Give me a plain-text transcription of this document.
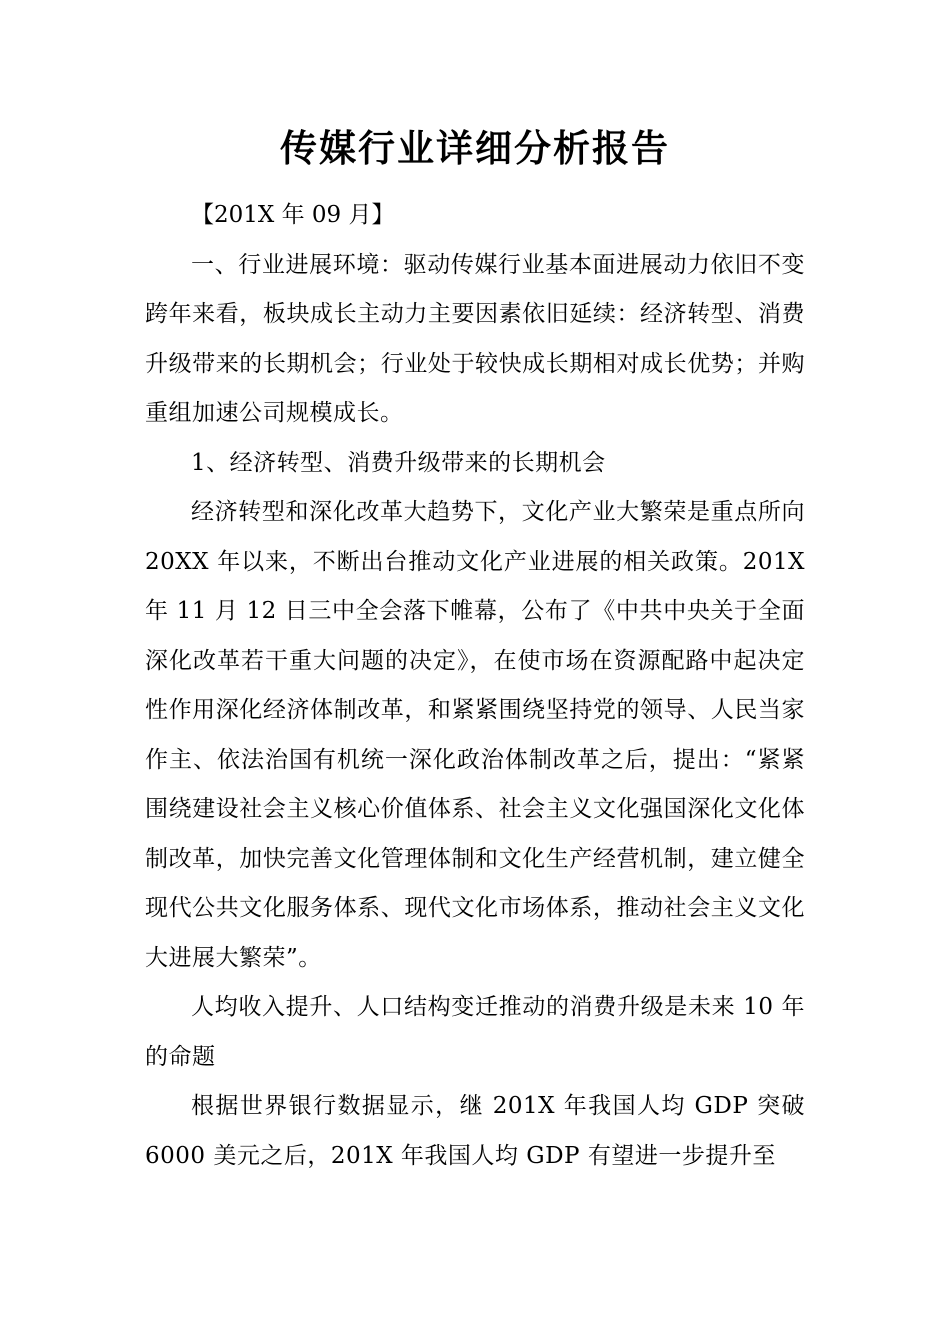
传媒行业详细分析报告
【201X 年 09 月】

一、行业进展环境：驱动传媒行业基本面进展动力依旧不变 跨年来看，板块成长主动力主要因素依旧延续：经济转型、消费升级带来的长期机会；行业处于较快成长期相对成长优势；并购重组加速公司规模成长。

1、经济转型、消费升级带来的长期机会

经济转型和深化改革大趋势下，文化产业大繁荣是重点所向 20XX 年以来，不断出台推动文化产业进展的相关政策。201X 年 11 月 12 日三中全会落下帷幕，公布了《中共中央关于全面深化改革若干重大问题的决定》，在使市场在资源配路中起决定性作用深化经济体制改革，和紧紧围绕坚持党的领导、人民当家作主、依法治国有机统一深化政治体制改革之后，提出：“紧紧围绕建设社会主义核心价值体系、社会主义文化强国深化文化体制改革，加快完善文化管理体制和文化生产经营机制，建立健全现代公共文化服务体系、现代文化市场体系，推动社会主义文化大进展大繁荣”。

人均收入提升、人口结构变迁推动的消费升级是未来 10 年的命题

根据世界银行数据显示，继 201X 年我国人均 GDP 突破 6000 美元之后，201X 年我国人均 GDP 有望进一步提升至
